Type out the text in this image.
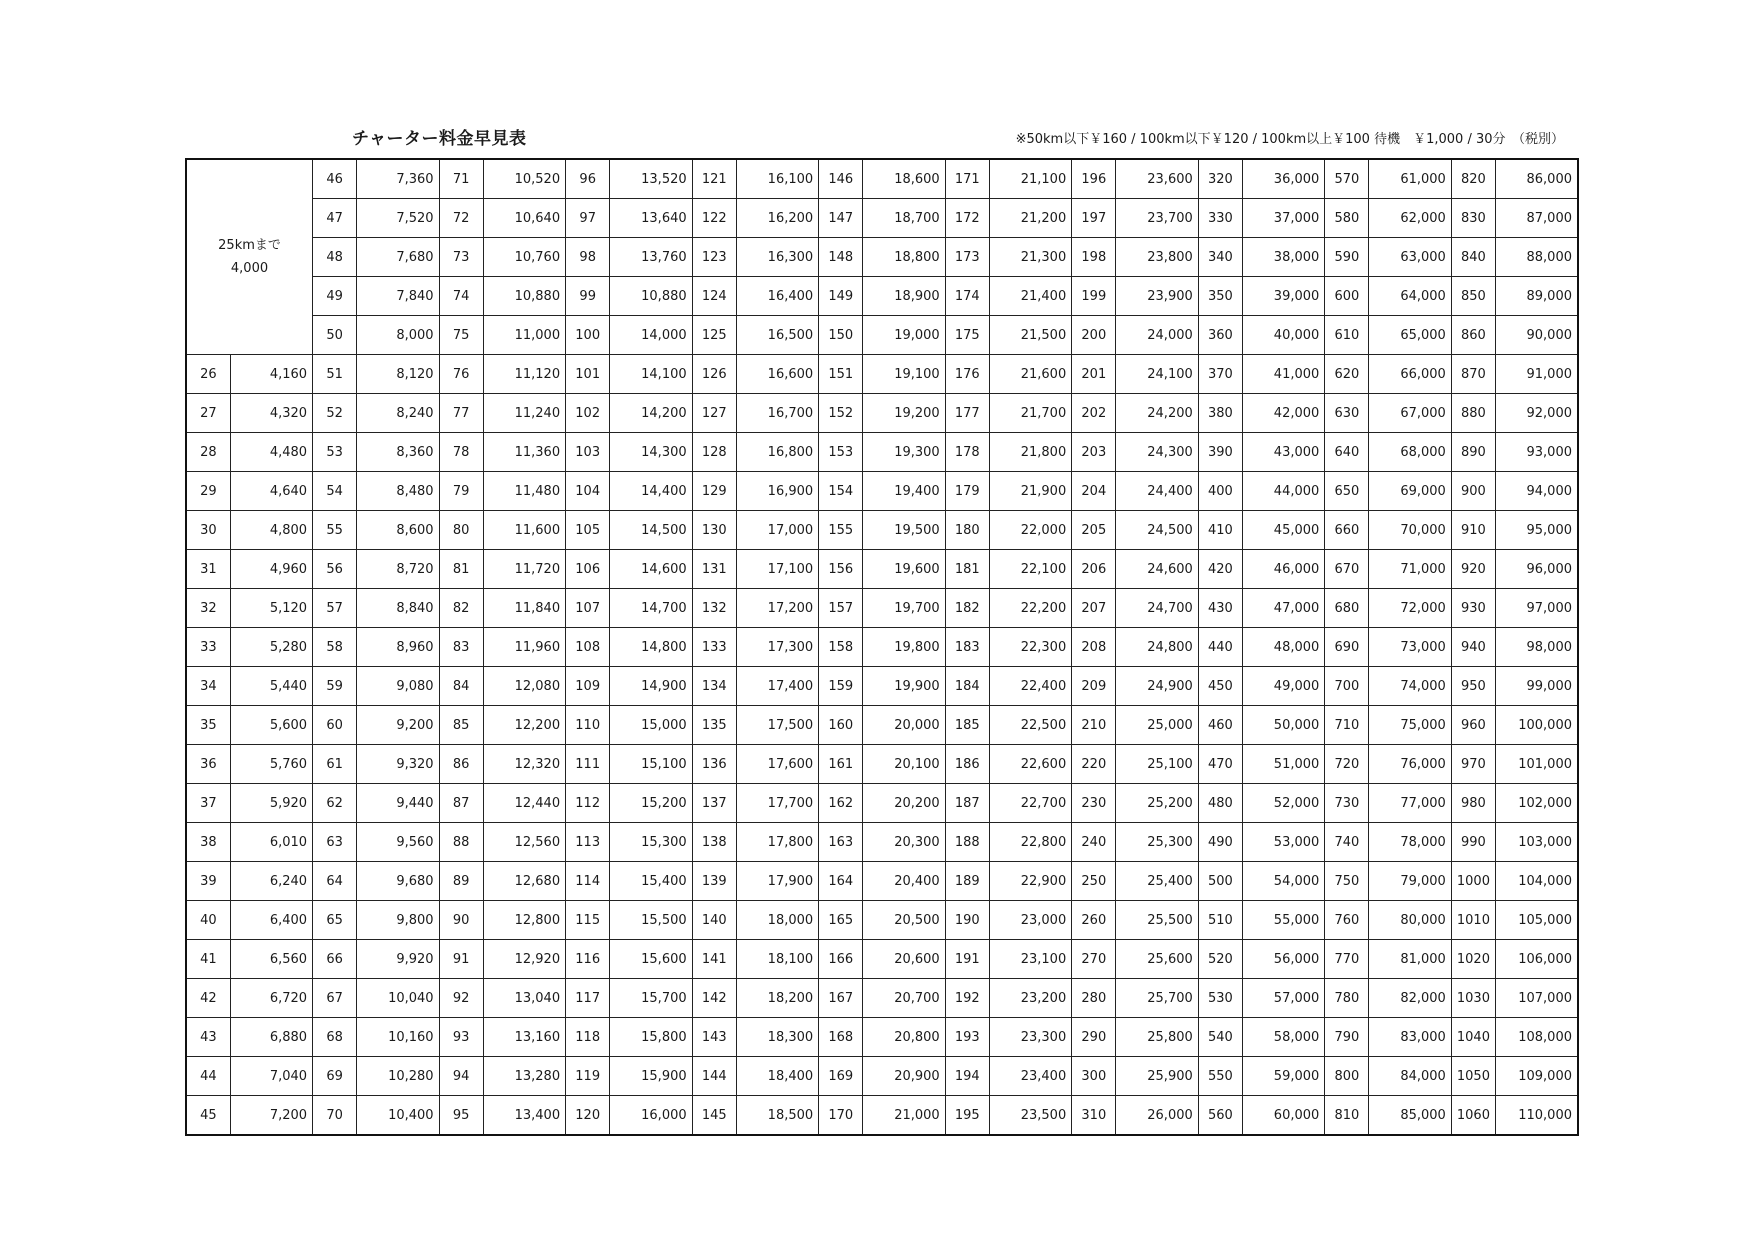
チャーター料金早見表	※50km以下￥160 / 100km以下￥120 / 100km以上￥100 待機　￥1,000 / 30分　（税別）
25kmまで
4,000		46	7,360	71	10,520	96	13,520	121	16,100	146	18,600	171	21,100	196	23,600	320	36,000	570	61,000	820	86,000
		47	7,520	72	10,640	97	13,640	122	16,200	147	18,700	172	21,200	197	23,700	330	37,000	580	62,000	830	87,000
		48	7,680	73	10,760	98	13,760	123	16,300	148	18,800	173	21,300	198	23,800	340	38,000	590	63,000	840	88,000
		49	7,840	74	10,880	99	10,880	124	16,400	149	18,900	174	21,400	199	23,900	350	39,000	600	64,000	850	89,000
		50	8,000	75	11,000	100	14,000	125	16,500	150	19,000	175	21,500	200	24,000	360	40,000	610	65,000	860	90,000
26	4,160	51	8,120	76	11,120	101	14,100	126	16,600	151	19,100	176	21,600	201	24,100	370	41,000	620	66,000	870	91,000
27	4,320	52	8,240	77	11,240	102	14,200	127	16,700	152	19,200	177	21,700	202	24,200	380	42,000	630	67,000	880	92,000
28	4,480	53	8,360	78	11,360	103	14,300	128	16,800	153	19,300	178	21,800	203	24,300	390	43,000	640	68,000	890	93,000
29	4,640	54	8,480	79	11,480	104	14,400	129	16,900	154	19,400	179	21,900	204	24,400	400	44,000	650	69,000	900	94,000
30	4,800	55	8,600	80	11,600	105	14,500	130	17,000	155	19,500	180	22,000	205	24,500	410	45,000	660	70,000	910	95,000
31	4,960	56	8,720	81	11,720	106	14,600	131	17,100	156	19,600	181	22,100	206	24,600	420	46,000	670	71,000	920	96,000
32	5,120	57	8,840	82	11,840	107	14,700	132	17,200	157	19,700	182	22,200	207	24,700	430	47,000	680	72,000	930	97,000
33	5,280	58	8,960	83	11,960	108	14,800	133	17,300	158	19,800	183	22,300	208	24,800	440	48,000	690	73,000	940	98,000
34	5,440	59	9,080	84	12,080	109	14,900	134	17,400	159	19,900	184	22,400	209	24,900	450	49,000	700	74,000	950	99,000
35	5,600	60	9,200	85	12,200	110	15,000	135	17,500	160	20,000	185	22,500	210	25,000	460	50,000	710	75,000	960	100,000
36	5,760	61	9,320	86	12,320	111	15,100	136	17,600	161	20,100	186	22,600	220	25,100	470	51,000	720	76,000	970	101,000
37	5,920	62	9,440	87	12,440	112	15,200	137	17,700	162	20,200	187	22,700	230	25,200	480	52,000	730	77,000	980	102,000
38	6,010	63	9,560	88	12,560	113	15,300	138	17,800	163	20,300	188	22,800	240	25,300	490	53,000	740	78,000	990	103,000
39	6,240	64	9,680	89	12,680	114	15,400	139	17,900	164	20,400	189	22,900	250	25,400	500	54,000	750	79,000	1000	104,000
40	6,400	65	9,800	90	12,800	115	15,500	140	18,000	165	20,500	190	23,000	260	25,500	510	55,000	760	80,000	1010	105,000
41	6,560	66	9,920	91	12,920	116	15,600	141	18,100	166	20,600	191	23,100	270	25,600	520	56,000	770	81,000	1020	106,000
42	6,720	67	10,040	92	13,040	117	15,700	142	18,200	167	20,700	192	23,200	280	25,700	530	57,000	780	82,000	1030	107,000
43	6,880	68	10,160	93	13,160	118	15,800	143	18,300	168	20,800	193	23,300	290	25,800	540	58,000	790	83,000	1040	108,000
44	7,040	69	10,280	94	13,280	119	15,900	144	18,400	169	20,900	194	23,400	300	25,900	550	59,000	800	84,000	1050	109,000
45	7,200	70	10,400	95	13,400	120	16,000	145	18,500	170	21,000	195	23,500	310	26,000	560	60,000	810	85,000	1060	110,000
